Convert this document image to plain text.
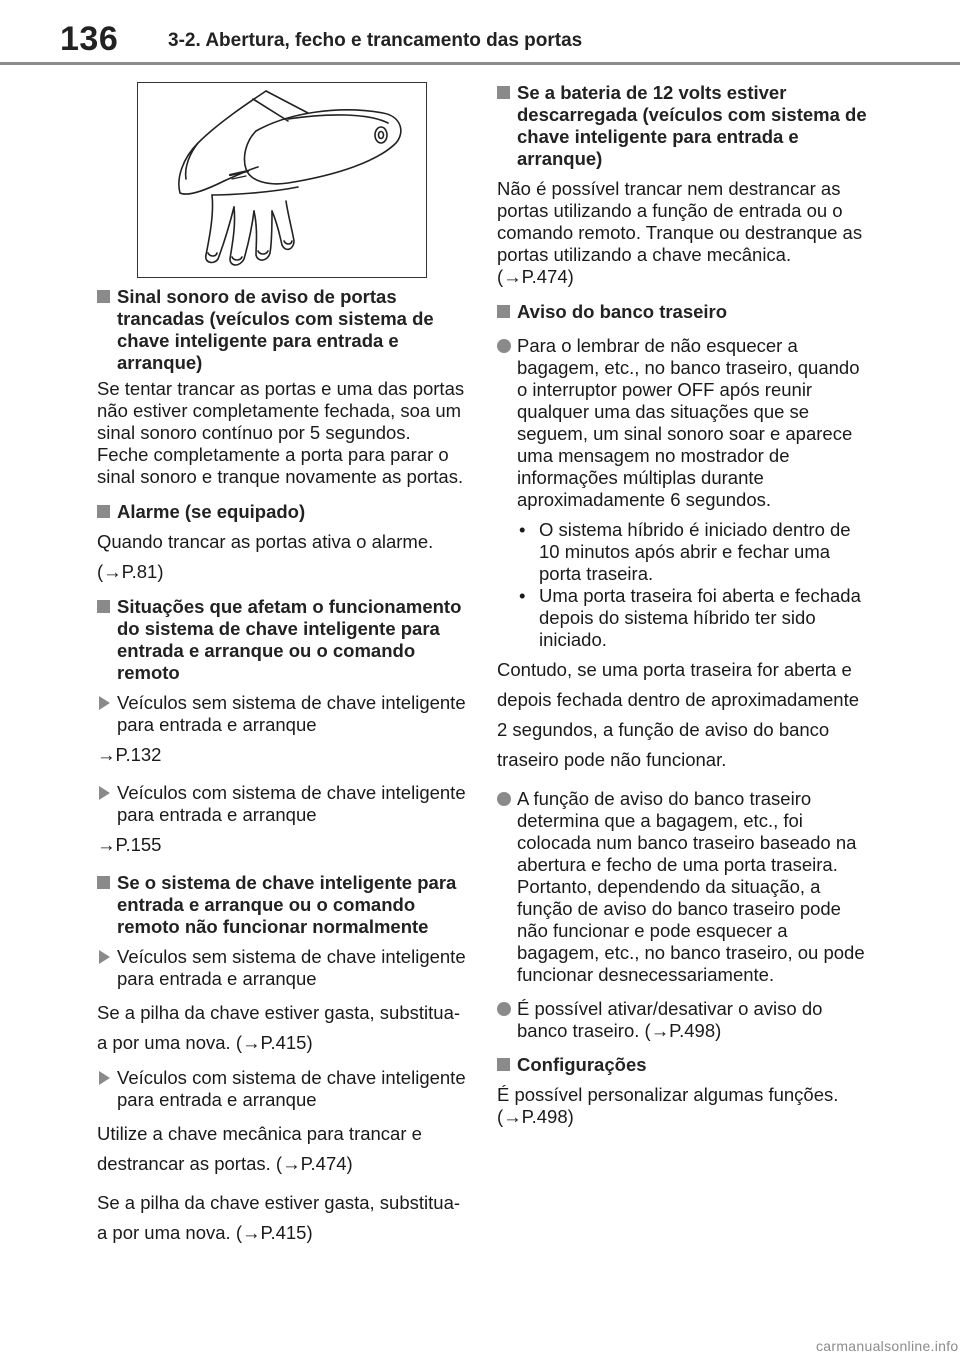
136	3-2. Abertura, fecho e trancamento das portas
Sinal sonoro de aviso de portas trancadas (veículos com sistema de chave inteligente para entrada e arranque)
Se tentar trancar as portas e uma das portas não estiver completamente fechada, soa um sinal sonoro contínuo por 5 segundos. Feche completamente a porta para parar o sinal sonoro e tranque novamente as portas.
Alarme (se equipado)
Quando trancar as portas ativa o alarme. (→P.81)
Situações que afetam o funcionamento do sistema de chave inteligente para entrada e arranque ou o comando remoto
Veículos sem sistema de chave inteligente para entrada e arranque
→P.132
Veículos com sistema de chave inteligente para entrada e arranque
→P.155
Se o sistema de chave inteligente para entrada e arranque ou o comando remoto não funcionar normalmente
Veículos sem sistema de chave inteligente para entrada e arranque
Se a pilha da chave estiver gasta, substitua-a por uma nova. (→P.415)
Veículos com sistema de chave inteligente para entrada e arranque
Utilize a chave mecânica para trancar e destrancar as portas. (→P.474)
Se a pilha da chave estiver gasta, substitua-a por uma nova. (→P.415)
Se a bateria de 12 volts estiver descarregada (veículos com sistema de chave inteligente para entrada e arranque)
Não é possível trancar nem destrancar as portas utilizando a função de entrada ou o comando remoto. Tranque ou destranque as portas utilizando a chave mecânica. (→P.474)
Aviso do banco traseiro
Para o lembrar de não esquecer a bagagem, etc., no banco traseiro, quando o interruptor power OFF após reunir qualquer uma das situações que se seguem, um sinal sonoro soar e aparece uma mensagem no mostrador de informações múltiplas durante aproximadamente 6 segundos.
• O sistema híbrido é iniciado dentro de 10 minutos após abrir e fechar uma porta traseira.
• Uma porta traseira foi aberta e fechada depois do sistema híbrido ter sido iniciado.
Contudo, se uma porta traseira for aberta e depois fechada dentro de aproximadamente 2 segundos, a função de aviso do banco traseiro pode não funcionar.
A função de aviso do banco traseiro determina que a bagagem, etc., foi colocada num banco traseiro baseado na abertura e fecho de uma porta traseira. Portanto, dependendo da situação, a função de aviso do banco traseiro pode não funcionar e pode esquecer a bagagem, etc., no banco traseiro, ou pode funcionar desnecessariamente.
É possível ativar/desativar o aviso do banco traseiro. (→P.498)
Configurações
É possível personalizar algumas funções. (→P.498)
carmanualsonline.info
